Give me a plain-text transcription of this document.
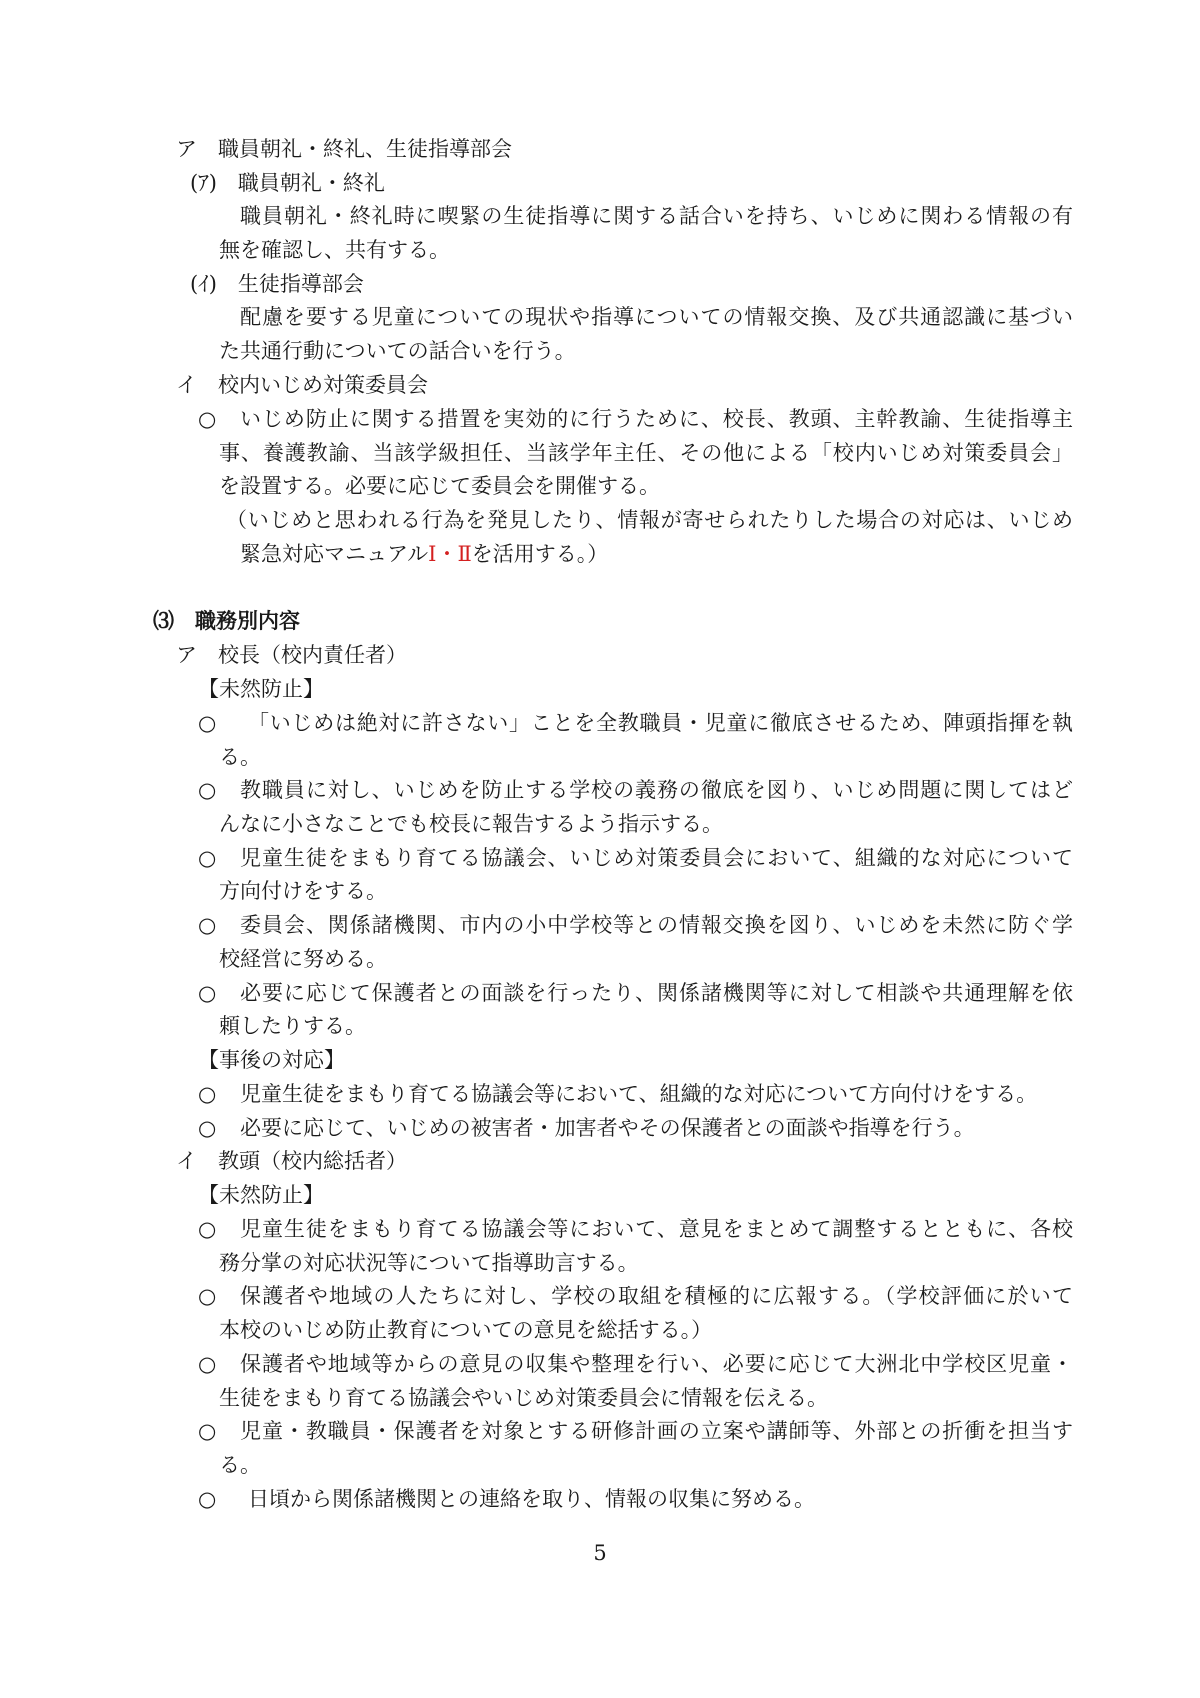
ア　職員朝礼・終礼、生徒指導部会
(ｱ)　職員朝礼・終礼
職員朝礼・終礼時に喫緊の生徒指導に関する話合いを持ち、いじめに関わる情報の有
無を確認し、共有する。
(ｲ)　生徒指導部会
配慮を要する児童についての現状や指導についての情報交換、及び共通認識に基づい
た共通行動についての話合いを行う。
イ　校内いじめ対策委員会
○ いじめ防止に関する措置を実効的に行うために、校長、教頭、主幹教諭、生徒指導主
事、養護教諭、当該学級担任、当該学年主任、その他による「校内いじめ対策委員会」
を設置する。必要に応じて委員会を開催する。
（いじめと思われる行為を発見したり、情報が寄せられたりした場合の対応は、いじめ
緊急対応マニュアルⅠ・Ⅱを活用する。）
⑶　職務別内容
ア　校長（校内責任者）
【未然防止】
○ 「いじめは絶対に許さない」ことを全教職員・児童に徹底させるため、陣頭指揮を執
る。
○ 教職員に対し、いじめを防止する学校の義務の徹底を図り、いじめ問題に関してはど
んなに小さなことでも校長に報告するよう指示する。
○ 児童生徒をまもり育てる協議会、いじめ対策委員会において、組織的な対応について
方向付けをする。
○ 委員会、関係諸機関、市内の小中学校等との情報交換を図り、いじめを未然に防ぐ学
校経営に努める。
○ 必要に応じて保護者との面談を行ったり、関係諸機関等に対して相談や共通理解を依
頼したりする。
【事後の対応】
○ 児童生徒をまもり育てる協議会等において、組織的な対応について方向付けをする。
○ 必要に応じて、いじめの被害者・加害者やその保護者との面談や指導を行う。
イ　教頭（校内総括者）
【未然防止】
○ 児童生徒をまもり育てる協議会等において、意見をまとめて調整するとともに、各校
務分掌の対応状況等について指導助言する。
○ 保護者や地域の人たちに対し、学校の取組を積極的に広報する。（学校評価に於いて
本校のいじめ防止教育についての意見を総括する。）
○ 保護者や地域等からの意見の収集や整理を行い、必要に応じて大洲北中学校区児童・
生徒をまもり育てる協議会やいじめ対策委員会に情報を伝える。
○ 児童・教職員・保護者を対象とする研修計画の立案や講師等、外部との折衝を担当す
る。
○ 日頃から関係諸機関との連絡を取り、情報の収集に努める。
5
